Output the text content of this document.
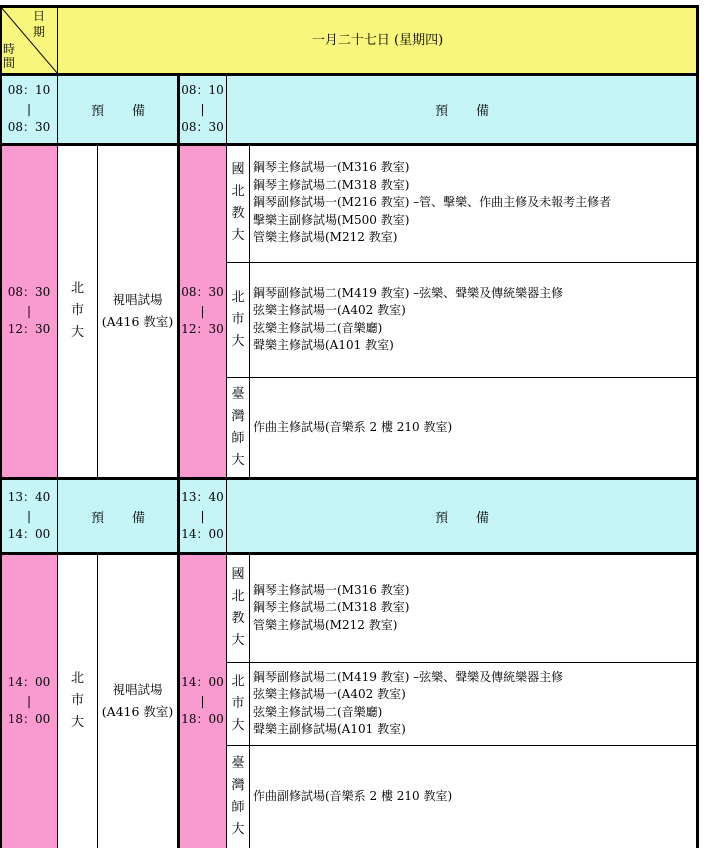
日期
時間
一月二十七日 (星期四)
08：10
|
08：30
預 備
08：10
|
08：30
預 備
08：30
|
12：30
北
市
大
視唱試場
(A416 教室)
08：30
|
12：30
國
北
教
大
鋼琴主修試場一(M316 教室)
鋼琴主修試場二(M318 教室)
鋼琴副修試場一(M216 教室) –管、擊樂、作曲主修及未報考主修者
擊樂主副修試場(M500 教室)
管樂主修試場(M212 教室)
北
市
大
鋼琴副修試場二(M419 教室) –弦樂、聲樂及傳統樂器主修
弦樂主修試場一(A402 教室)
弦樂主修試場二(音樂廳)
聲樂主修試場(A101 教室)
臺
灣
師
大
作曲主修試場(音樂系 2 樓 210 教室)
13：40
|
14：00
預 備
13：40
|
14：00
預 備
14：00
|
18：00
北
市
大
視唱試場
(A416 教室)
14：00
|
18：00
國
北
教
大
鋼琴主修試場一(M316 教室)
鋼琴主修試場二(M318 教室)
管樂主修試場(M212 教室)
北
市
大
鋼琴副修試場二(M419 教室) –弦樂、聲樂及傳統樂器主修
弦樂主修試場一(A402 教室)
弦樂主修試場二(音樂廳)
聲樂主副修試場(A101 教室)
臺
灣
師
大
作曲副修試場(音樂系 2 樓 210 教室)
